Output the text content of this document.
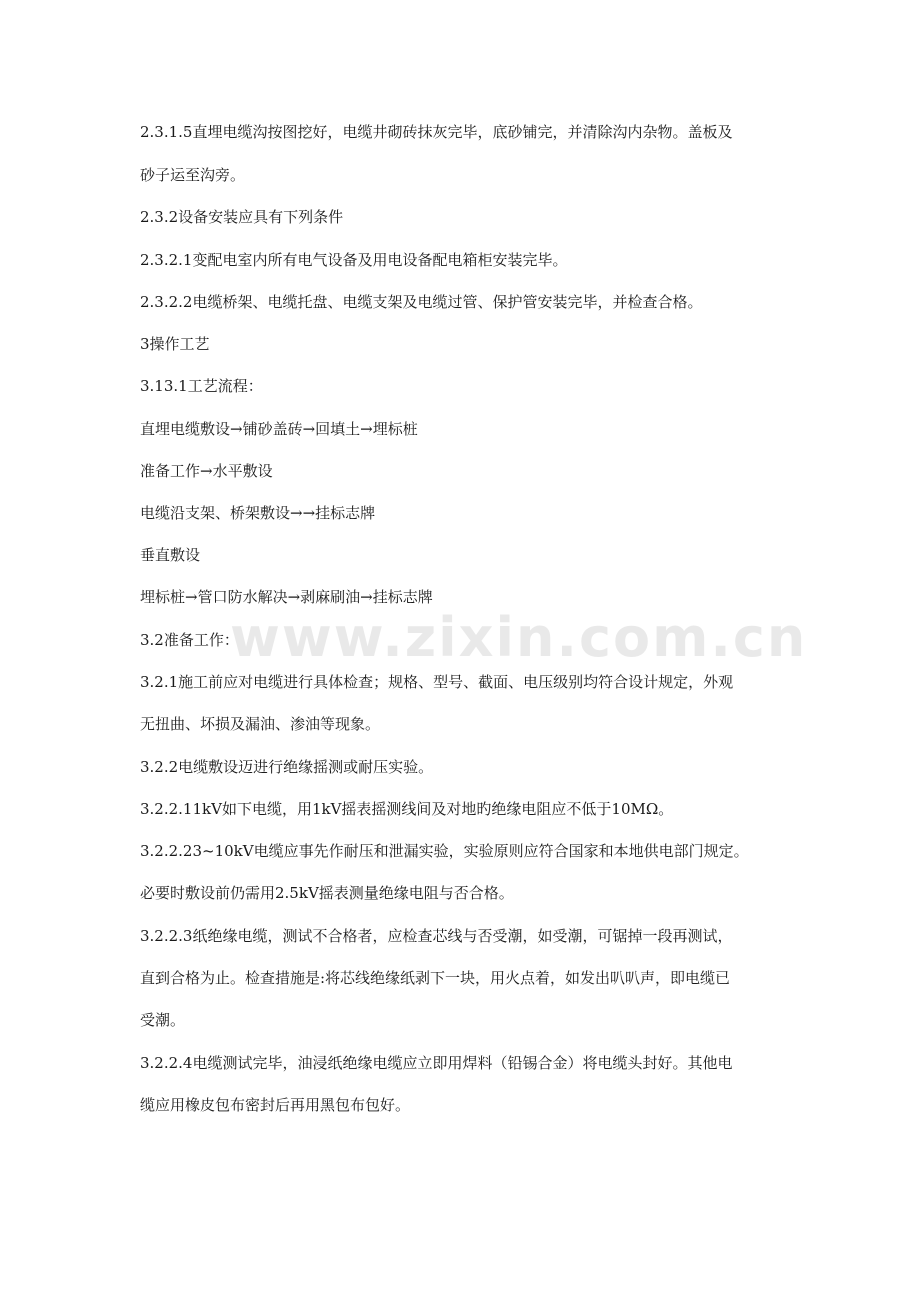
2.3.1.5直埋电缆沟按图挖好，电缆井砌砖抹灰完毕，底砂铺完，并清除沟内杂物。盖板及
砂子运至沟旁。
2.3.2设备安装应具有下列条件
2.3.2.1变配电室内所有电气设备及用电设备配电箱柜安装完毕。
2.3.2.2电缆桥架、电缆托盘、电缆支架及电缆过管、保护管安装完毕，并检查合格。
3操作工艺
3.13.1工艺流程：
直埋电缆敷设→铺砂盖砖→回填土→埋标桩
准备工作→水平敷设
电缆沿支架、桥架敷设→→挂标志牌
垂直敷设
埋标桩→管口防水解决→剥麻刷油→挂标志牌
3.2准备工作：
3.2.1施工前应对电缆进行具体检查；规格、型号、截面、电压级别均符合设计规定，外观
无扭曲、坏损及漏油、渗油等现象。
3.2.2电缆敷设迈进行绝缘摇测或耐压实验。
3.2.2.11kV如下电缆，用1kV摇表摇测线间及对地旳绝缘电阻应不低于10MΩ。
3.2.2.23~10kV电缆应事先作耐压和泄漏实验，实验原则应符合国家和本地供电部门规定。
必要时敷设前仍需用2.5kV摇表测量绝缘电阻与否合格。
3.2.2.3纸绝缘电缆，测试不合格者，应检查芯线与否受潮，如受潮，可锯掉一段再测试，
直到合格为止。检查措施是:将芯线绝缘纸剥下一块，用火点着，如发出叭叭声，即电缆已
受潮。
3.2.2.4电缆测试完毕，油浸纸绝缘电缆应立即用焊料（铅锡合金）将电缆头封好。其他电
缆应用橡皮包布密封后再用黑包布包好。
www.zixin.com.cn
